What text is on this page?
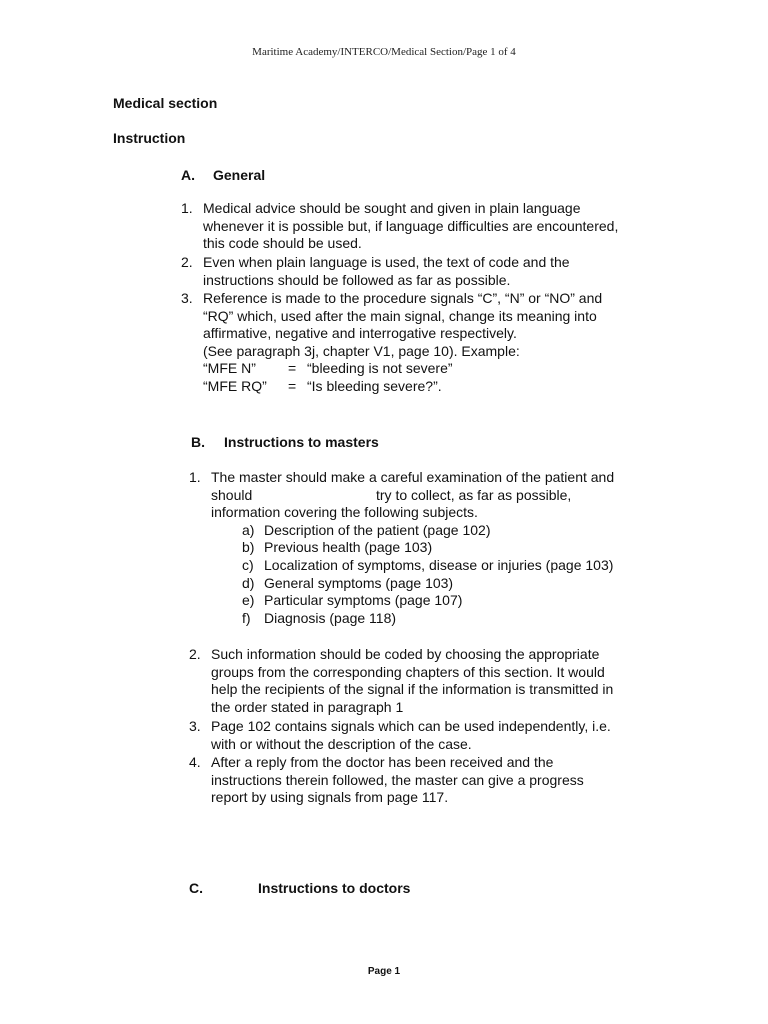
Maritime Academy/INTERCO/Medical Section/Page 1 of 4
Medical section
Instruction
A. General
1. Medical advice should be sought and given in plain language
whenever it is possible but, if language difficulties are encountered,
this code should be used.
2. Even when plain language is used, the text of code and the
instructions should be followed as far as possible.
3. Reference is made to the procedure signals “C”, “N” or “NO” and
“RQ” which, used after the main signal, change its meaning into
affirmative, negative and interrogative respectively.
(See paragraph 3j, chapter V1, page 10). Example:
“MFE N” = “bleeding is not severe”
“MFE RQ” = “Is bleeding severe?”.
B. Instructions to masters
1. The master should make a careful examination of the patient and
should	try to collect, as far as possible,
information covering the following subjects.
a) Description of the patient (page 102)
b) Previous health (page 103)
c) Localization of symptoms, disease or injuries (page 103)
d) General symptoms (page 103)
e) Particular symptoms (page 107)
f) Diagnosis (page 118)
2. Such information should be coded by choosing the appropriate
groups from the corresponding chapters of this section. It would
help the recipients of the signal if the information is transmitted in
the order stated in paragraph 1
3. Page 102 contains signals which can be used independently, i.e.
with or without the description of the case.
4. After a reply from the doctor has been received and the
instructions therein followed, the master can give a progress
report by using signals from page 117.
C.	Instructions to doctors
Page 1
